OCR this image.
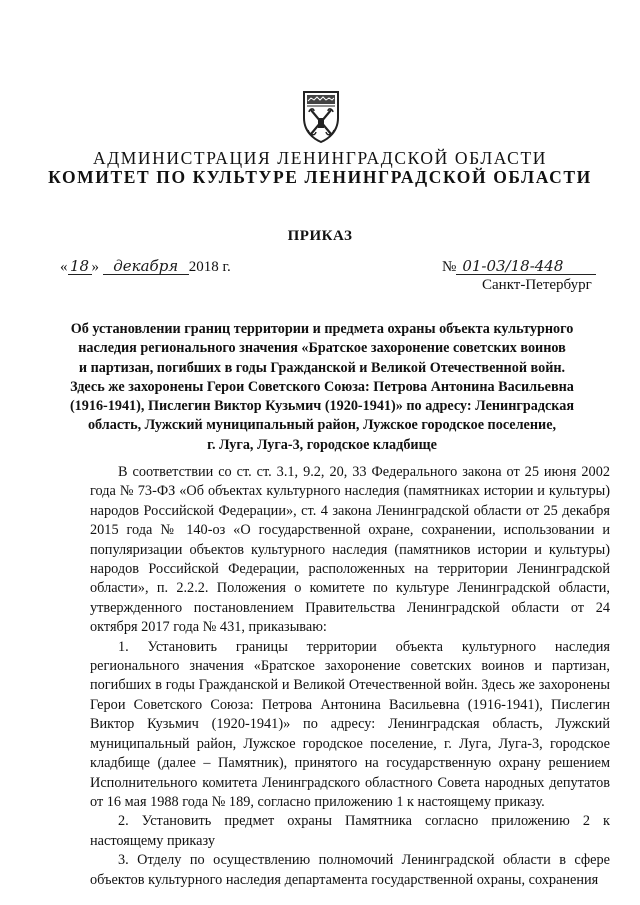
АДМИНИСТРАЦИЯ ЛЕНИНГРАДСКОЙ ОБЛАСТИ
КОМИТЕТ ПО КУЛЬТУРЕ ЛЕНИНГРАДСКОЙ ОБЛАСТИ
ПРИКАЗ
« 18 » декабря 2018 г.	№ 01-03/18-448
Санкт-Петербург
Об установлении границ территории и предмета охраны объекта культурного
наследия регионального значения «Братское захоронение советских воинов
и партизан, погибших в годы Гражданской и Великой Отечественной войн.
Здесь же захоронены Герои Советского Союза: Петрова Антонина Васильевна
(1916-1941), Пислегин Виктор Кузьмич (1920-1941)» по адресу: Ленинградская
область, Лужский муниципальный район, Лужское городское поселение,
г. Луга, Луга-3, городское кладбище

В соответствии со ст. ст. 3.1, 9.2, 20, 33 Федерального закона от 25 июня 2002 года № 73-ФЗ «Об объектах культурного наследия (памятниках истории и культуры) народов Российской Федерации», ст. 4 закона Ленинградской области от 25 декабря 2015 года № 140-оз «О государственной охране, сохранении, использовании и популяризации объектов культурного наследия (памятников истории и культуры) народов Российской Федерации, расположенных на территории Ленинградской области», п. 2.2.2. Положения о комитете по культуре Ленинградской области, утвержденного постановлением Правительства Ленинградской области от 24 октября 2017 года № 431, приказываю:

1. Установить границы территории объекта культурного наследия регионального значения «Братское захоронение советских воинов и партизан, погибших в годы Гражданской и Великой Отечественной войн. Здесь же захоронены Герои Советского Союза: Петрова Антонина Васильевна (1916-1941), Пислегин Виктор Кузьмич (1920-1941)» по адресу: Ленинградская область, Лужский муниципальный район, Лужское городское поселение, г. Луга, Луга-3, городское кладбище (далее – Памятник), принятого на государственную охрану решением Исполнительного комитета Ленинградского областного Совета народных депутатов от 16 мая 1988 года № 189, согласно приложению 1 к настоящему приказу.

2. Установить предмет охраны Памятника согласно приложению 2 к настоящему приказу

3. Отделу по осуществлению полномочий Ленинградской области в сфере объектов культурного наследия департамента государственной охраны, сохранения
